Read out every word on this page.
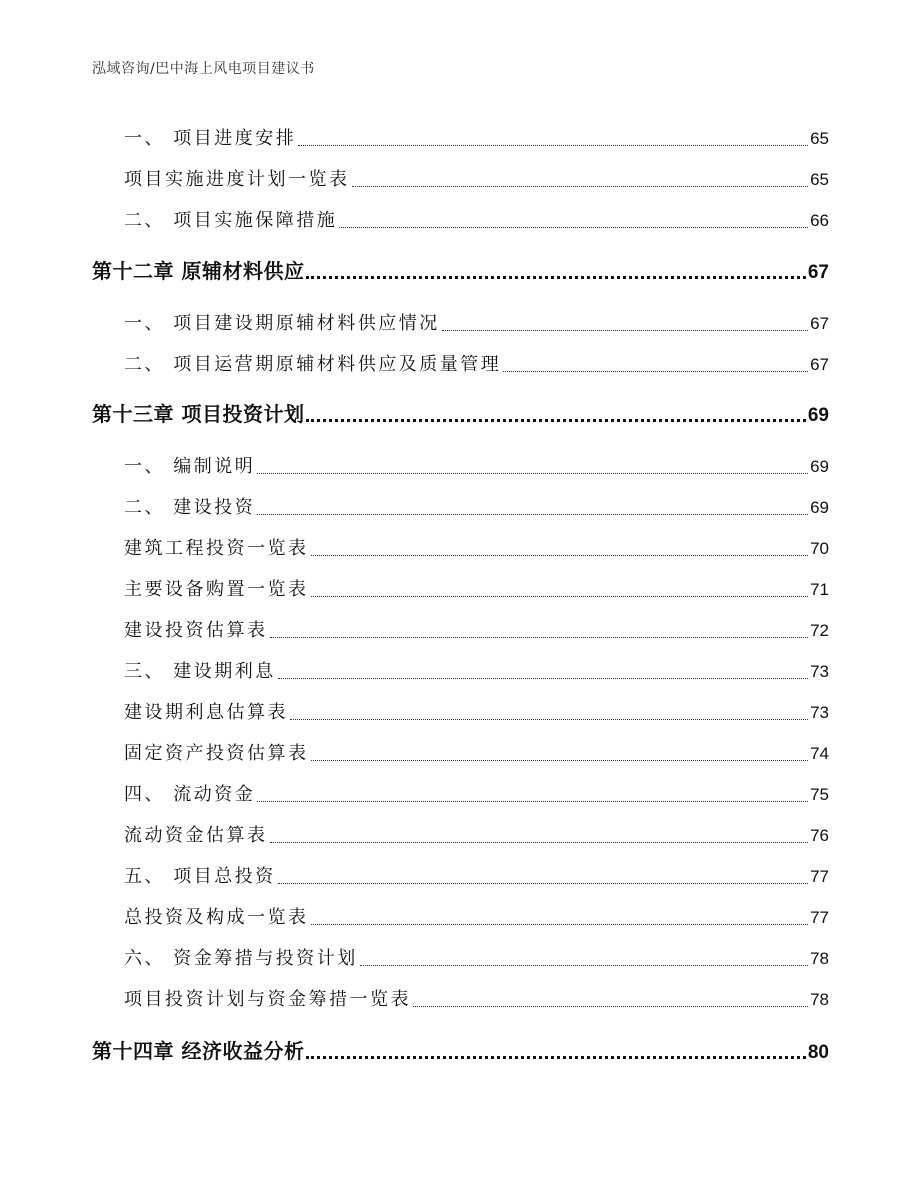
泓域咨询/巴中海上风电项目建议书
一、 项目进度安排	65
项目实施进度计划一览表	65
二、 项目实施保障措施	66
第十二章 原辅材料供应	67
一、 项目建设期原辅材料供应情况	67
二、 项目运营期原辅材料供应及质量管理	67
第十三章 项目投资计划	69
一、 编制说明	69
二、 建设投资	69
建筑工程投资一览表	70
主要设备购置一览表	71
建设投资估算表	72
三、 建设期利息	73
建设期利息估算表	73
固定资产投资估算表	74
四、 流动资金	75
流动资金估算表	76
五、 项目总投资	77
总投资及构成一览表	77
六、 资金筹措与投资计划	78
项目投资计划与资金筹措一览表	78
第十四章 经济收益分析	80
